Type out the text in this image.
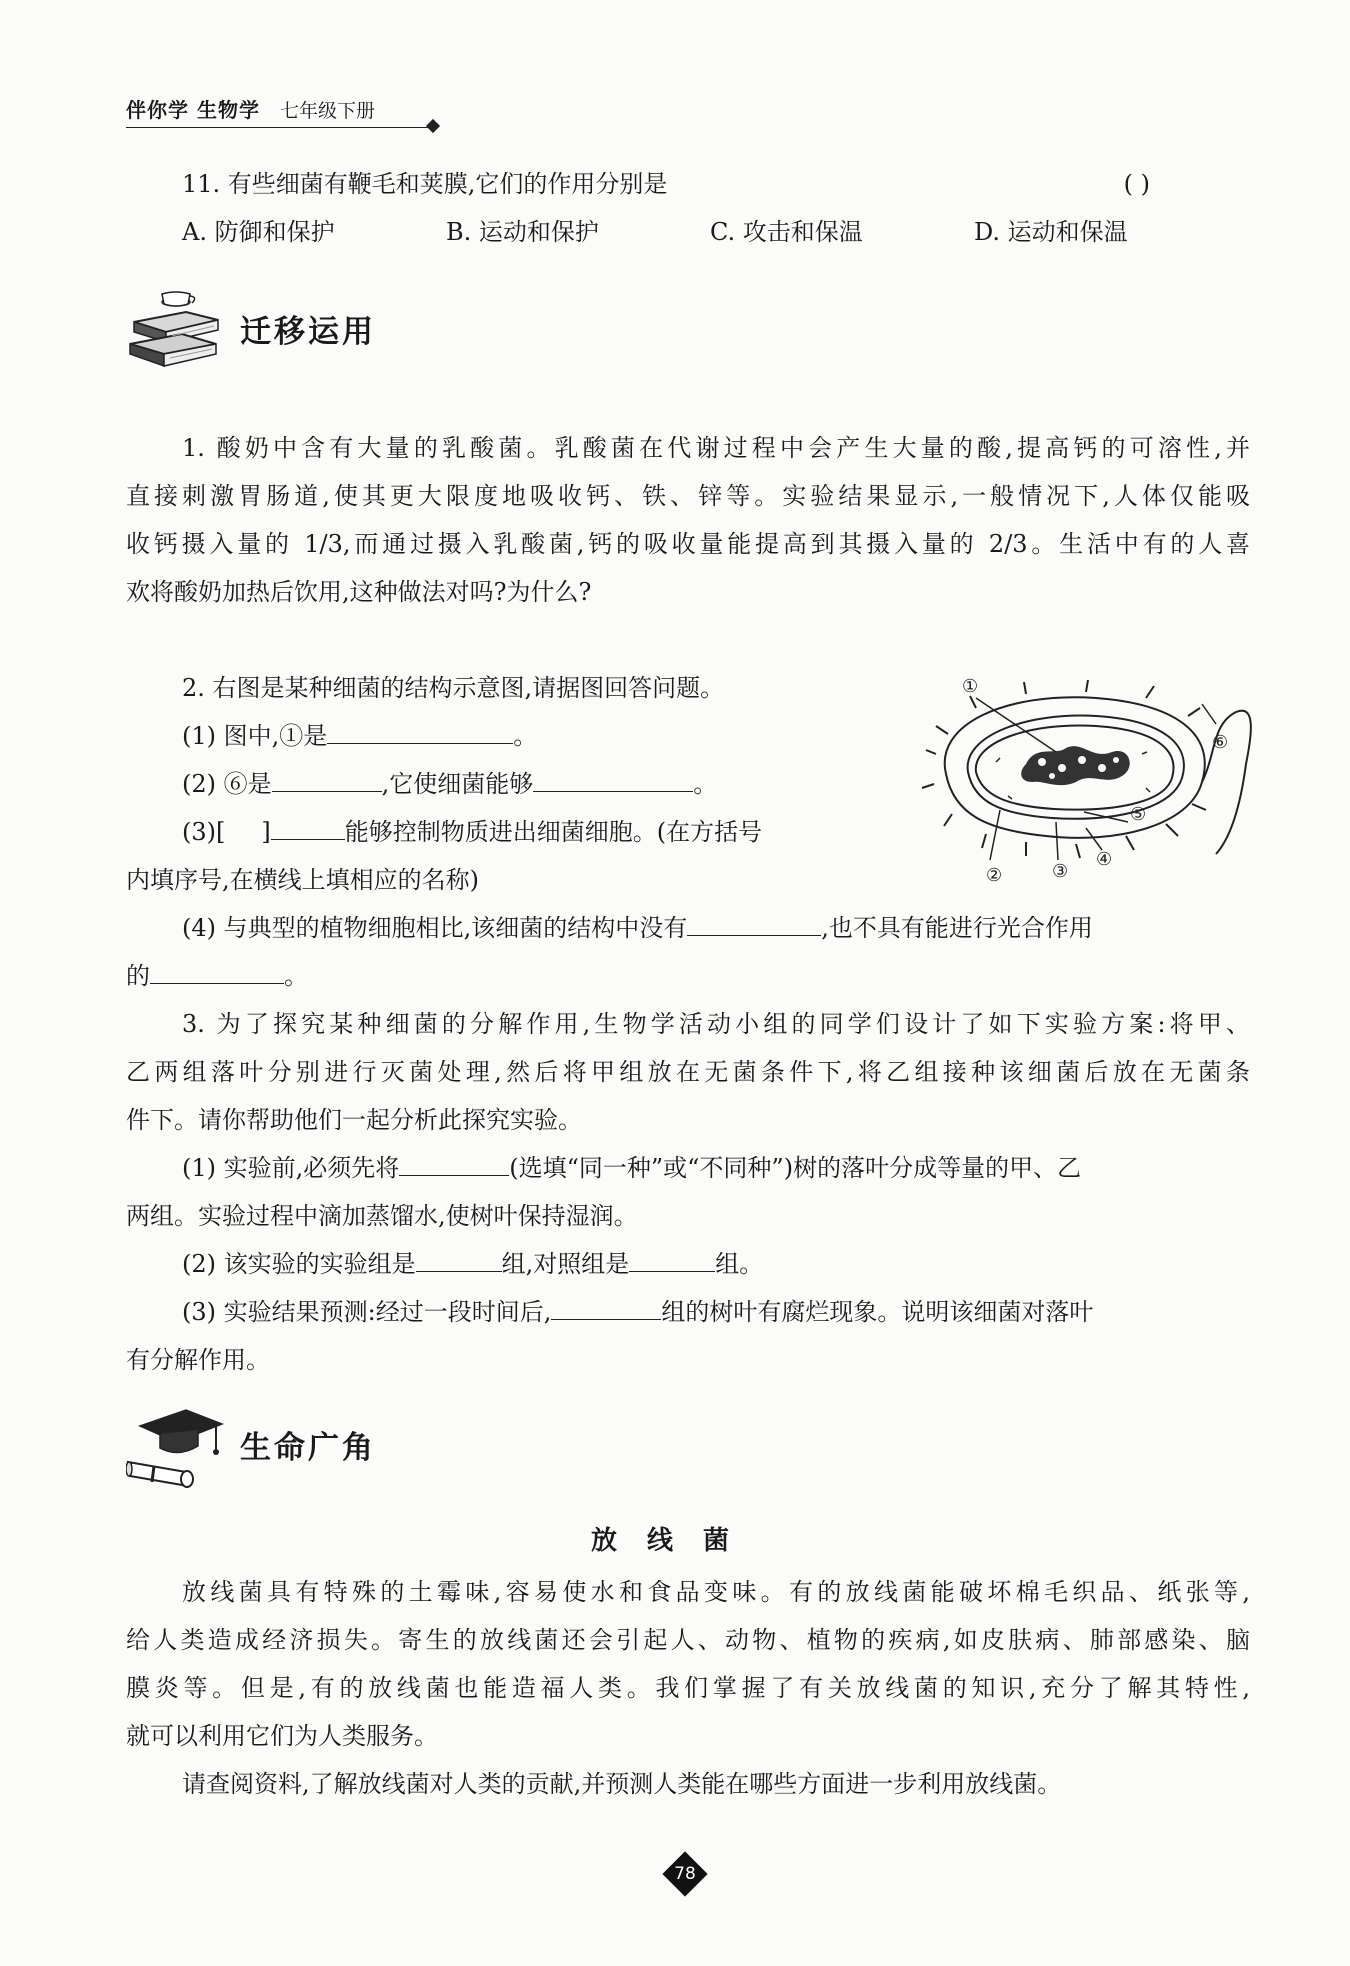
伴你学 生物学 七年级下册
11. 有些细菌有鞭毛和荚膜,它们的作用分别是	( )
A. 防御和保护	B. 运动和保护	C. 攻击和保温	D. 运动和保温
迁移运用
1. 酸奶中含有大量的乳酸菌。乳酸菌在代谢过程中会产生大量的酸,提高钙的可溶性,并
直接刺激胃肠道,使其更大限度地吸收钙、铁、锌等。实验结果显示,一般情况下,人体仅能吸
收钙摄入量的 1/3,而通过摄入乳酸菌,钙的吸收量能提高到其摄入量的 2/3。生活中有的人喜
欢将酸奶加热后饮用,这种做法对吗?为什么?
2. 右图是某种细菌的结构示意图,请据图回答问题。
(1) 图中,①是	。
(2) ⑥是	,它使细菌能够	。
(3)[ ]	能够控制物质进出细菌细胞。(在方括号
内填序号,在横线上填相应的名称)
(4) 与典型的植物细胞相比,该细菌的结构中没有	,也不具有能进行光合作用
的	。
①
②	③
④
⑤
⑥
3. 为了探究某种细菌的分解作用,生物学活动小组的同学们设计了如下实验方案:将甲、
乙两组落叶分别进行灭菌处理,然后将甲组放在无菌条件下,将乙组接种该细菌后放在无菌条
件下。请你帮助他们一起分析此探究实验。
(1) 实验前,必须先将	(选填“同一种”或“不同种”)树的落叶分成等量的甲、乙
两组。实验过程中滴加蒸馏水,使树叶保持湿润。
(2) 该实验的实验组是	组,对照组是	组。
(3) 实验结果预测:经过一段时间后,	组的树叶有腐烂现象。说明该细菌对落叶
有分解作用。
生命广角
放线菌
放线菌具有特殊的土霉味,容易使水和食品变味。有的放线菌能破坏棉毛织品、纸张等,
给人类造成经济损失。寄生的放线菌还会引起人、动物、植物的疾病,如皮肤病、肺部感染、脑
膜炎等。但是,有的放线菌也能造福人类。我们掌握了有关放线菌的知识,充分了解其特性,
就可以利用它们为人类服务。
请查阅资料,了解放线菌对人类的贡献,并预测人类能在哪些方面进一步利用放线菌。
78
